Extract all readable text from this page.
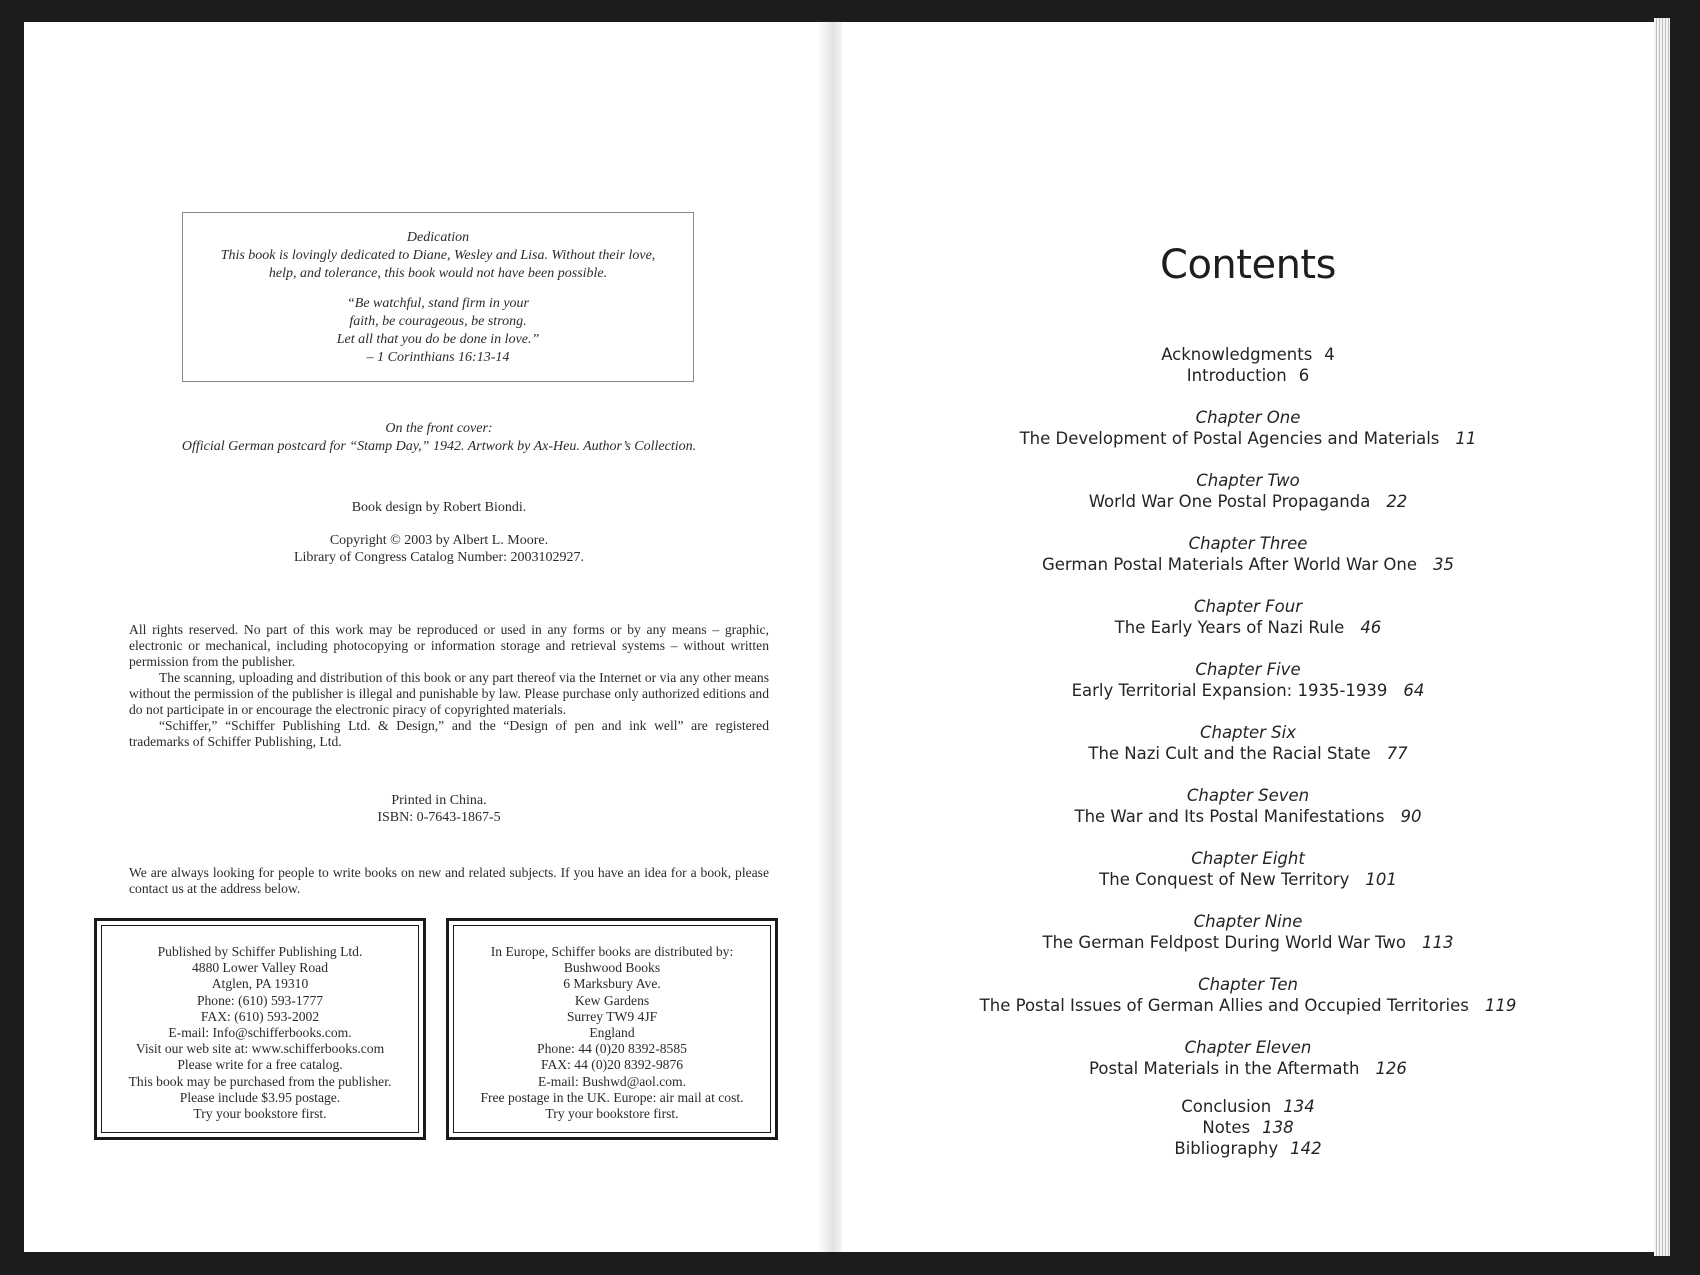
Dedication
This book is lovingly dedicated to Diane, Wesley and Lisa. Without their love,
help, and tolerance, this book would not have been possible.
“Be watchful, stand firm in your
faith, be courageous, be strong.
Let all that you do be done in love.”
– 1 Corinthians 16:13-14
On the front cover:
Official German postcard for “Stamp Day,” 1942. Artwork by Ax-Heu. Author’s Collection.
Book design by Robert Biondi.
Copyright © 2003 by Albert L. Moore.
Library of Congress Catalog Number: 2003102927.

All rights reserved. No part of this work may be reproduced or used in any forms or by any means – graphic, electronic or mechanical, including photocopying or information storage and retrieval systems – without written permission from the publisher.

The scanning, uploading and distribution of this book or any part thereof via the Internet or via any other means without the permission of the publisher is illegal and punishable by law. Please purchase only authorized editions and do not participate in or encourage the electronic piracy of copyrighted materials.

“Schiffer,” “Schiffer Publishing Ltd. & Design,” and the “Design of pen and ink well” are registered trademarks of Schiffer Publishing, Ltd.

Printed in China.
ISBN: 0-7643-1867-5
We are always looking for people to write books on new and related subjects. If you have an idea for a book, please contact us at the address below.
Published by Schiffer Publishing Ltd.
4880 Lower Valley Road
Atglen, PA 19310
Phone: (610) 593-1777
FAX: (610) 593-2002
E-mail: Info@schifferbooks.com.
Visit our web site at: www.schifferbooks.com
Please write for a free catalog.
This book may be purchased from the publisher.
Please include $3.95 postage.
Try your bookstore first.
In Europe, Schiffer books are distributed by:
Bushwood Books
6 Marksbury Ave.
Kew Gardens
Surrey TW9 4JF
England
Phone: 44 (0)20 8392-8585
FAX: 44 (0)20 8392-9876
E-mail: Bushwd@aol.com.
Free postage in the UK. Europe: air mail at cost.
Try your bookstore first.
Contents
Acknowledgments 4
Introduction 6
Chapter One
The Development of Postal Agencies and Materials 11
Chapter Two
World War One Postal Propaganda 22
Chapter Three
German Postal Materials After World War One 35
Chapter Four
The Early Years of Nazi Rule 46
Chapter Five
Early Territorial Expansion: 1935-1939 64
Chapter Six
The Nazi Cult and the Racial State 77
Chapter Seven
The War and Its Postal Manifestations 90
Chapter Eight
The Conquest of New Territory 101
Chapter Nine
The German Feldpost During World War Two 113
Chapter Ten
The Postal Issues of German Allies and Occupied Territories 119
Chapter Eleven
Postal Materials in the Aftermath 126
Conclusion 134
Notes 138
Bibliography 142
